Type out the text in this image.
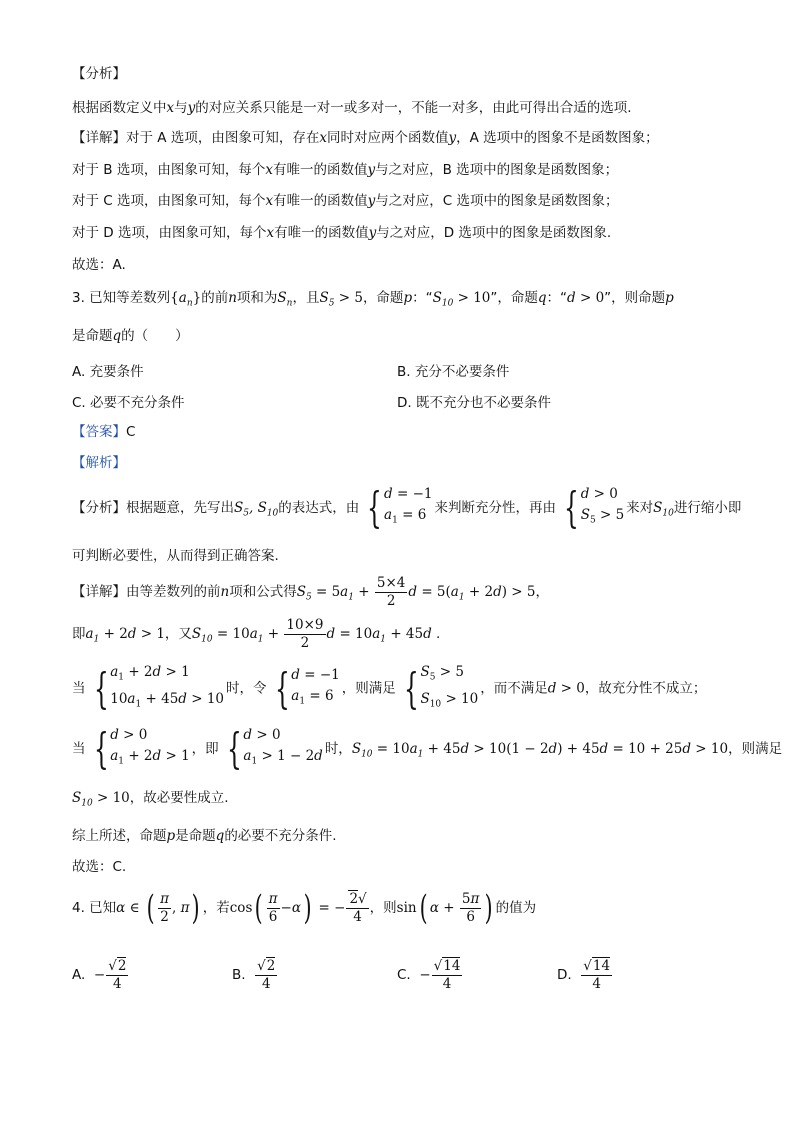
【分析】
根据函数定义中x与y的对应关系只能是一对一或多对一，不能一对多，由此可得出合适的选项.
【详解】对于 A 选项，由图象可知，存在x同时对应两个函数值y，A 选项中的图象不是函数图象；
对于 B 选项，由图象可知，每个x有唯一的函数值y与之对应，B 选项中的图象是函数图象；
对于 C 选项，由图象可知，每个x有唯一的函数值y与之对应，C 选项中的图象是函数图象；
对于 D 选项，由图象可知，每个x有唯一的函数值y与之对应，D 选项中的图象是函数图象.
故选：A.
3. 已知等差数列$\{a_n\}$的前n项和为$S_n$，且$S_5 > 5$，命题p：“$S_{10} > 10$”，命题q：“d > 0”，则命题p
是命题q的（　　）
A. 充要条件	B. 充分不必要条件
C. 必要不充分条件	D. 既不充分也不必要条件
【答案】C
【解析】
【分析】根据题意，先写出$S_5$, $S_{10}$的表达式，由 { d = −1
$a_1 = 6$ 来判断充分性，再由 { d > 0
$S_5 > 5$ 来对$S_{10}$进行缩小即
可判断必要性，从而得到正确答案.
【详解】由等差数列的前n项和公式得$S_5 = 5a_1 + \frac{5\times 4}{2}$ $d = 5(a_1 + 2d) > 5$，
即$a_1 + 2d > 1$，又$S_{10} = 10a_1 + \frac{10\times 9}{2}$ $d = 10a_1 + 45d$ .
当 { $a_1 + 2d > 1$
$10a_1 + 45d > 10$
时，令 { d = −1
$a_1 = 6$ ，则满足 { $S_5 > 5$
$S_{10} > 10$
，而不满足d > 0，故充分性不成立；
当 { d > 0
$a_1 + 2d > 1$ ，即 { d > 0
$a_1 > 1 - 2d$ 时，$S_{10} = 10a_1 + 45d > 10(1 - 2d) + 45d = 10 + 25d > 10$，则满足
$S_{10} > 10$，故必要性成立.
综上所述，命题p是命题q的必要不充分条件.
故选：C.
4. 已知α ∈ ( $\frac{\pi}{2}$ , π) ，若$\cos( \frac{\pi}{6} -\alpha)$ = − $\frac{2√}{4}$ ，则sin( $\alpha + \frac{5\pi}{6}$ ) 的值为
A. − $\frac{√2}{4}$	B. $\frac{√2}{4}$	C. − $\frac{√14}{4}$	D. $\frac{√14}{4}$
